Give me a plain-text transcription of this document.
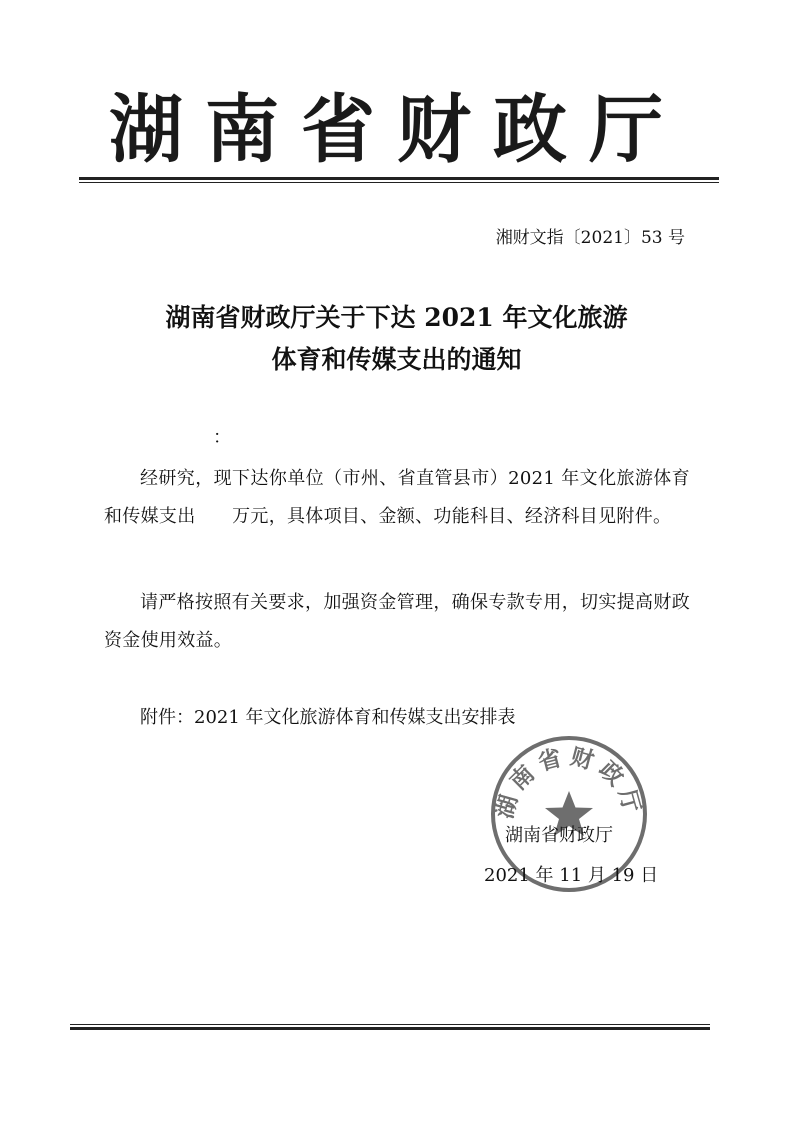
湖南省财政厅
湘财文指〔2021〕53 号
湖南省财政厅关于下达 2021 年文化旅游
体育和传媒支出的通知
：
经研究，现下达你单位（市州、省直管县市）2021 年文化旅游体育和传媒支出　　万元，具体项目、金额、功能科目、经济科目见附件。
请严格按照有关要求，加强资金管理，确保专款专用，切实提高财政资金使用效益。
附件：2021 年文化旅游体育和传媒支出安排表
湖南省财政厅
湖南省财政厅
2021 年 11 月 19 日
